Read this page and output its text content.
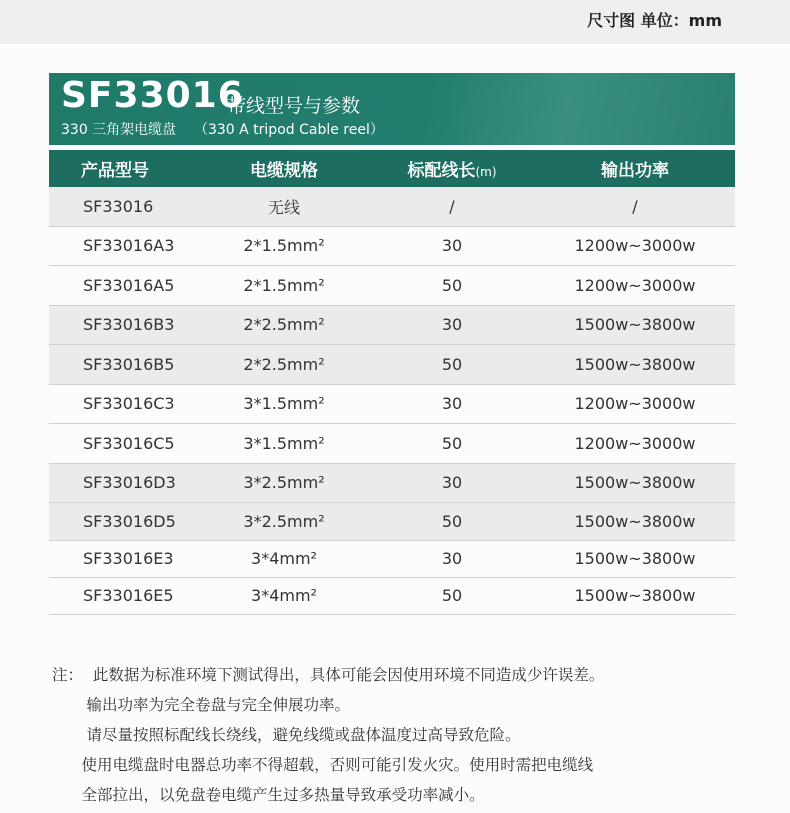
尺寸图 单位：mm
SF33016
带线型号与参数
330 三角架电缆盘    （330 A tripod Cable reel）
产品型号	电缆规格	标配线长(m)	输出功率
SF33016	无线	/	/
SF33016A3	2*1.5mm²	30	1200w~3000w
SF33016A5	2*1.5mm²	50	1200w~3000w
SF33016B3	2*2.5mm²	30	1500w~3800w
SF33016B5	2*2.5mm²	50	1500w~3800w
SF33016C3	3*1.5mm²	30	1200w~3000w
SF33016C5	3*1.5mm²	50	1200w~3000w
SF33016D3	3*2.5mm²	30	1500w~3800w
SF33016D5	3*2.5mm²	50	1500w~3800w
SF33016E3	3*4mm²	30	1500w~3800w
SF33016E5	3*4mm²	50	1500w~3800w
注：  此数据为标准环境下测试得出，具体可能会因使用环境不同造成少许误差。
输出功率为完全卷盘与完全伸展功率。
请尽量按照标配线长绕线，避免线缆或盘体温度过高导致危险。
使用电缆盘时电器总功率不得超载，否则可能引发火灾。使用时需把电缆线
全部拉出，以免盘卷电缆产生过多热量导致承受功率减小。
